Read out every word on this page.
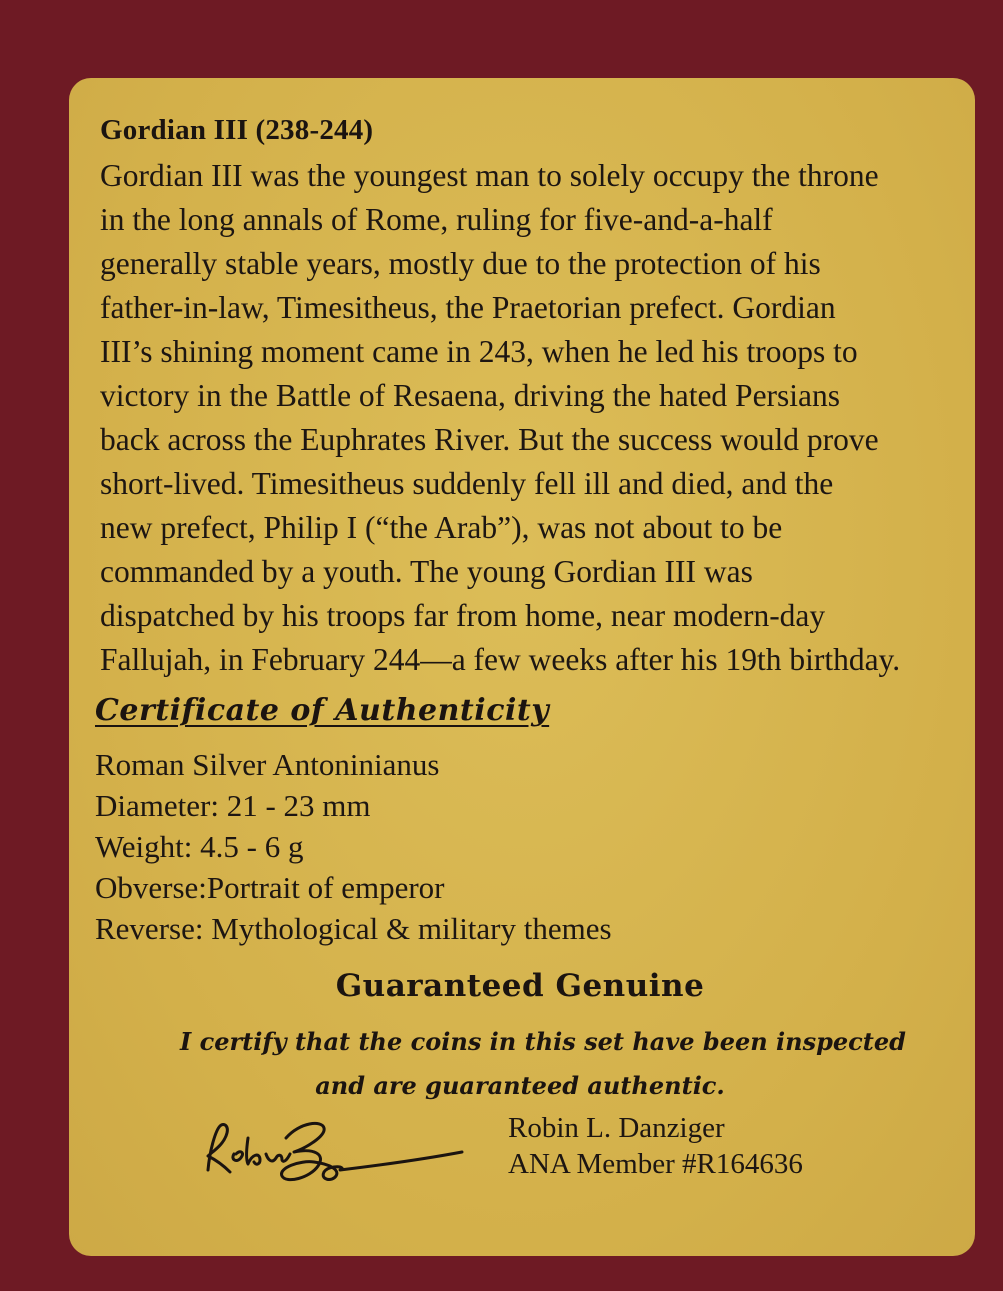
Gordian III (238-244)
Gordian III was the youngest man to solely occupy the throne
in the long annals of Rome, ruling for five-and-a-half
generally stable years, mostly due to the protection of his
father-in-law, Timesitheus, the Praetorian prefect. Gordian
III’s shining moment came in 243, when he led his troops to
victory in the Battle of Resaena, driving the hated Persians
back across the Euphrates River. But the success would prove
short-lived. Timesitheus suddenly fell ill and died, and the
new prefect, Philip I (“the Arab”), was not about to be
commanded by a youth. The young Gordian III was
dispatched by his troops far from home, near modern-day
Fallujah, in February 244—a few weeks after his 19th birthday.
Certificate of Authenticity
Roman Silver Antoninianus
Diameter: 21 - 23 mm
Weight: 4.5 - 6 g
Obverse:Portrait of emperor
Reverse: Mythological & military themes
Guaranteed Genuine
I certify that the coins in this set have been inspected
and are guaranteed authentic.
Robin L. Danziger
ANA Member #R164636
